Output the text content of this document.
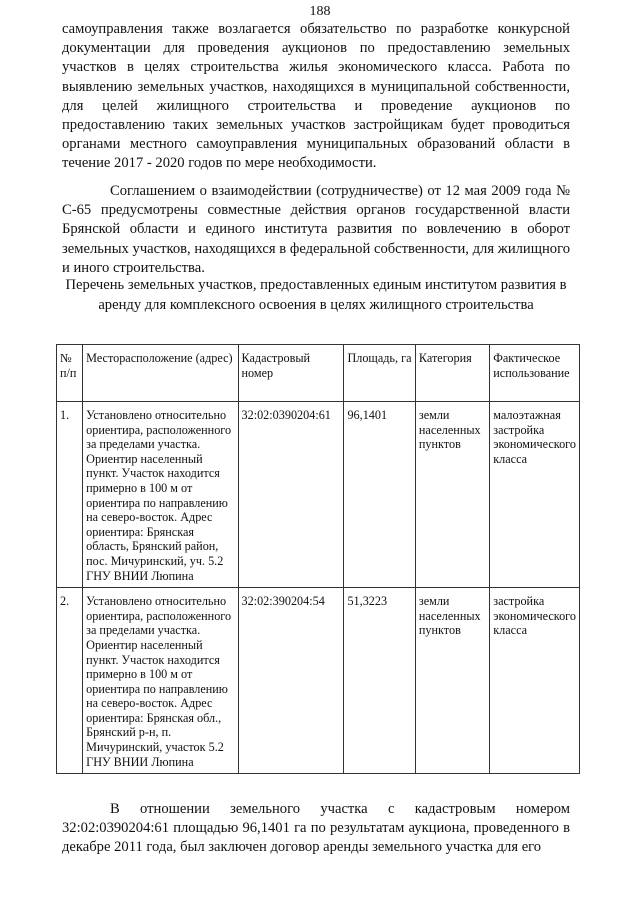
188

самоуправления также возлагается обязательство по разработке конкурсной документации для проведения аукционов по предоставлению земельных участков в целях строительства жилья экономического класса. Работа по выявлению земельных участков, находящихся в муниципальной собственности, для целей жилищного строительства и проведение аукционов по предоставлению таких земельных участков застройщикам будет проводиться органами местного самоуправления муниципальных образований области в течение 2017 - 2020 годов по мере необходимости.

Соглашением о взаимодействии (сотрудничестве) от 12 мая 2009 года № С-65 предусмотрены совместные действия органов государственной власти Брянской области и единого института развития по вовлечению в оборот земельных участков, находящихся в федеральной собственности, для жилищного и иного строительства.

Перечень земельных участков, предоставленных единым институтом развития в аренду для комплексного освоения в целях жилищного строительства

№ п/п	Месторасположение (адрес)	Кадастровый номер	Площадь, га	Категория	Фактическое использование
1.	Установлено относительно ориентира, расположенного за пределами участка. Ориентир населенный пункт. Участок находится примерно в 100 м от ориентира по направлению на северо-восток. Адрес ориентира: Брянская область, Брянский район, пос. Мичуринский, уч. 5.2 ГНУ ВНИИ Люпина	32:02:0390204:61	96,1401	земли населенных пунктов	малоэтажная застройка экономического класса
2.	Установлено относительно ориентира, расположенного за пределами участка. Ориентир населенный пункт. Участок находится примерно в 100 м от ориентира по направлению на северо-восток. Адрес ориентира: Брянская обл., Брянский р-н, п. Мичуринский, участок 5.2 ГНУ ВНИИ Люпина	32:02:390204:54	51,3223	земли населенных пунктов	застройка экономического класса

В отношении земельного участка с кадастровым номером 32:02:0390204:61 площадью 96,1401 га по результатам аукциона, проведенного в декабре 2011 года, был заключен договор аренды земельного участка для его
